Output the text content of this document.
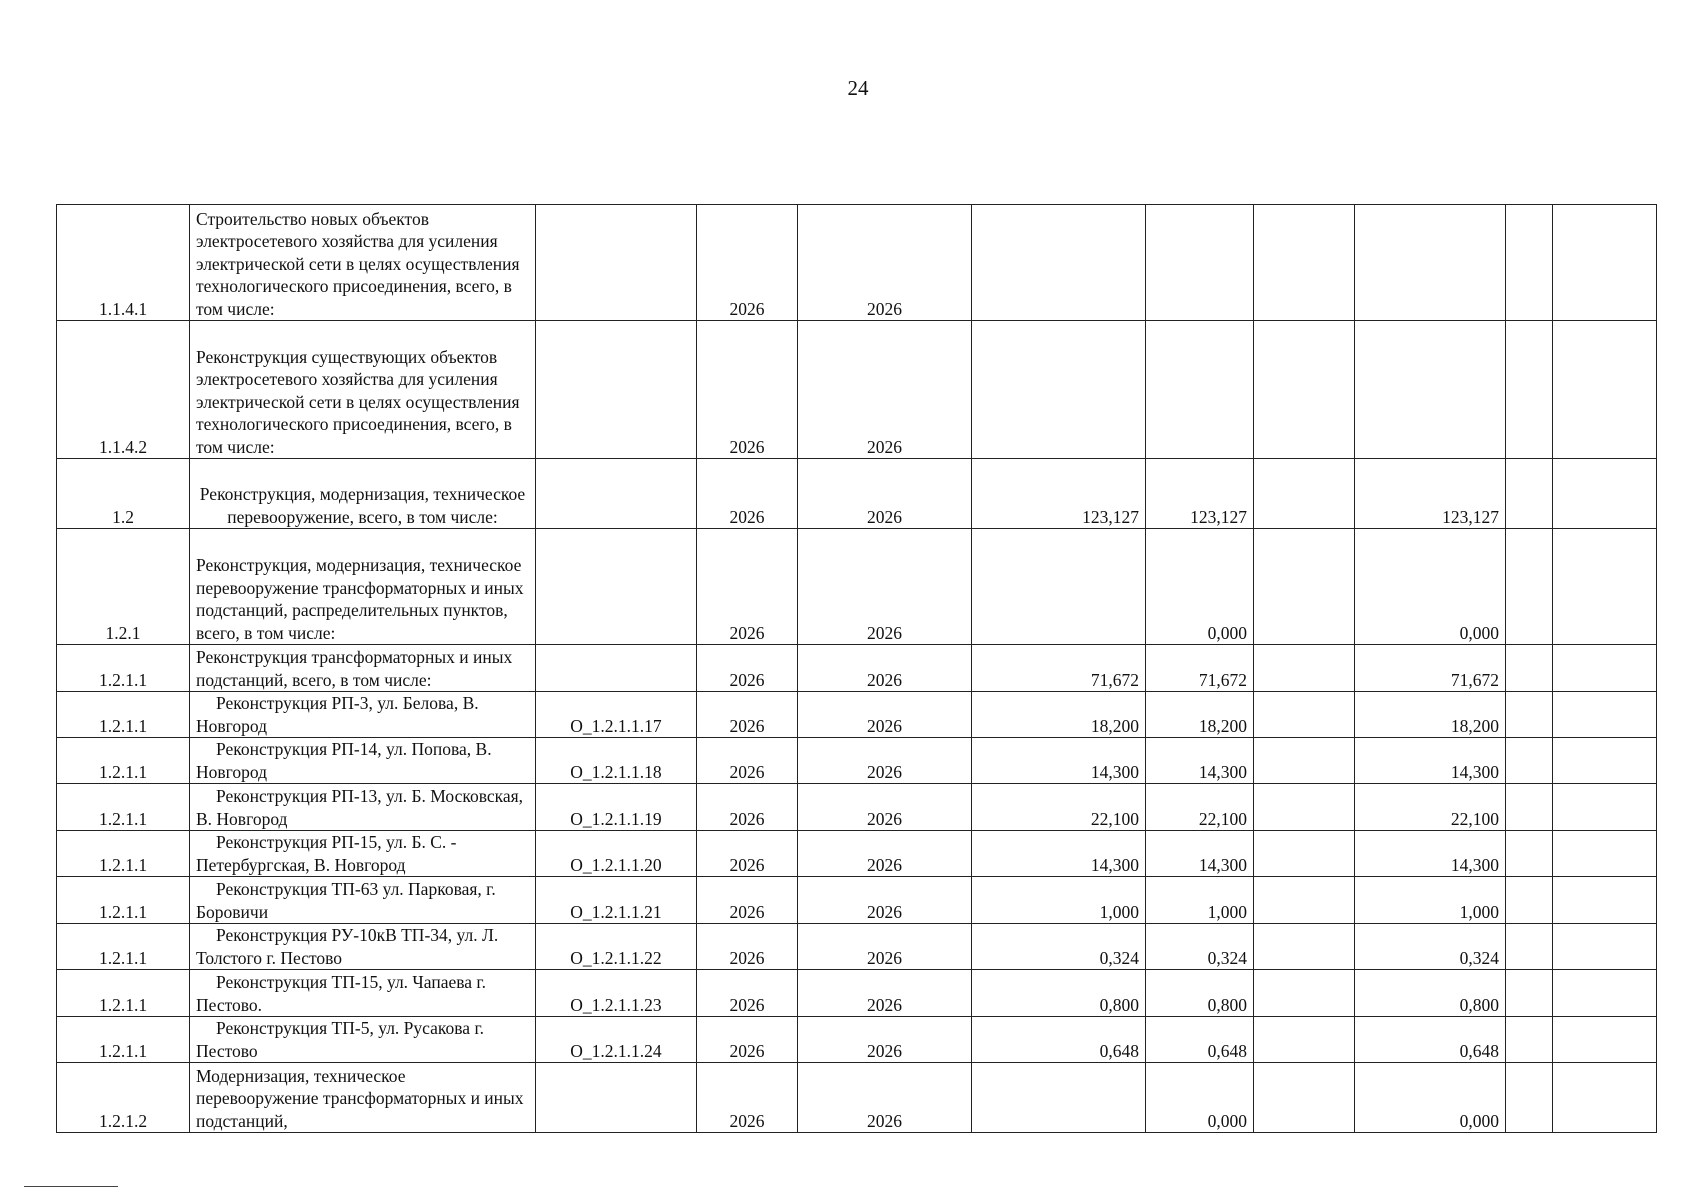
24
1.1.4.1	Строительство новых объектов электросетевого хозяйства для усиления электрической сети в целях осуществления технологического присоединения, всего, в том числе:		2026	2026						
1.1.4.2	Реконструкция существующих объектов электросетевого хозяйства для усиления электрической сети в целях осуществления технологического присоединения, всего, в том числе:		2026	2026						
1.2	Реконструкция, модернизация, техническое перевооружение, всего, в том числе:		2026	2026	123,127	123,127		123,127		
1.2.1	Реконструкция, модернизация, техническое перевооружение трансформаторных и иных подстанций, распределительных пунктов, всего, в том числе:		2026	2026		0,000		0,000		
1.2.1.1	Реконструкция трансформаторных и иных подстанций, всего, в том числе:		2026	2026	71,672	71,672		71,672		
1.2.1.1	Реконструкция РП-3, ул. Белова, В. Новгород	O_1.2.1.1.17	2026	2026	18,200	18,200		18,200		
1.2.1.1	Реконструкция РП-14, ул. Попова, В. Новгород	O_1.2.1.1.18	2026	2026	14,300	14,300		14,300		
1.2.1.1	Реконструкция РП-13, ул. Б. Московская, В. Новгород	O_1.2.1.1.19	2026	2026	22,100	22,100		22,100		
1.2.1.1	Реконструкция РП-15, ул. Б. С. - Петербургская, В. Новгород	O_1.2.1.1.20	2026	2026	14,300	14,300		14,300		
1.2.1.1	Реконструкция ТП-63 ул. Парковая, г. Боровичи	O_1.2.1.1.21	2026	2026	1,000	1,000		1,000		
1.2.1.1	Реконструкция РУ-10кВ ТП-34, ул. Л. Толстого г. Пестово	O_1.2.1.1.22	2026	2026	0,324	0,324		0,324		
1.2.1.1	Реконструкция ТП-15, ул. Чапаева г. Пестово.	O_1.2.1.1.23	2026	2026	0,800	0,800		0,800		
1.2.1.1	Реконструкция ТП-5, ул. Русакова г. Пестово	O_1.2.1.1.24	2026	2026	0,648	0,648		0,648		
1.2.1.2	Модернизация, техническое перевооружение трансформаторных и иных подстанций,		2026	2026		0,000		0,000		
